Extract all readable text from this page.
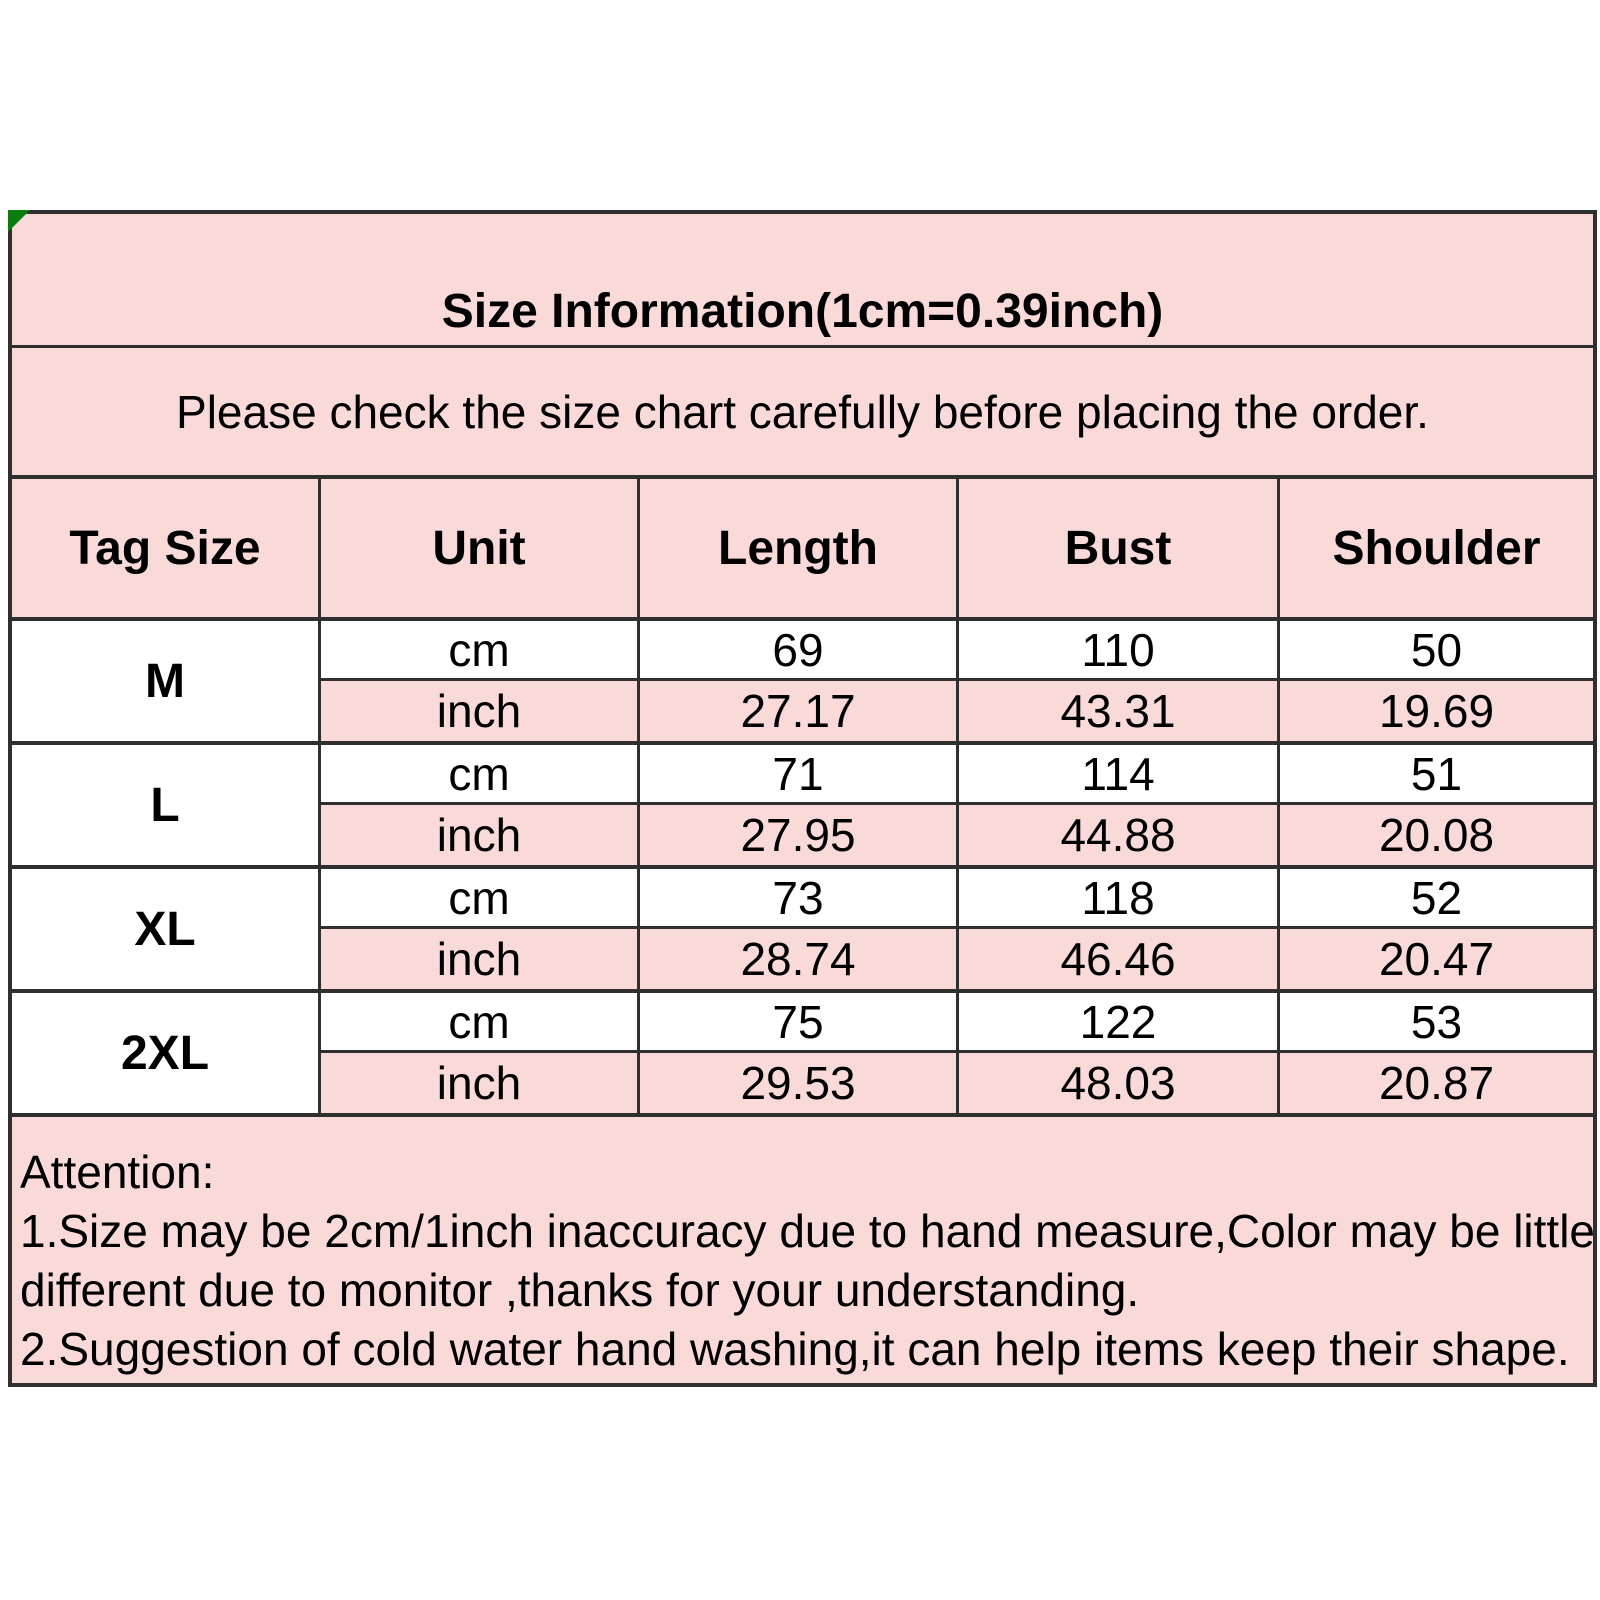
Size Information(1cm=0.39inch)
Please check the size chart carefully before placing the order.
Tag Size	Unit	Length	Bust	Shoulder
M
cm	69	110	50
inch	27.17	43.31	19.69
L
cm	71	114	51
inch	27.95	44.88	20.08
XL
cm	73	118	52
inch	28.74	46.46	20.47
2XL
cm	75	122	53
inch	29.53	48.03	20.87
Attention:
1.Size may be 2cm/1inch inaccuracy due to hand measure,Color may be little
different due to monitor ,thanks for your understanding.
2.Suggestion of cold water hand washing,it can help items keep their shape.
